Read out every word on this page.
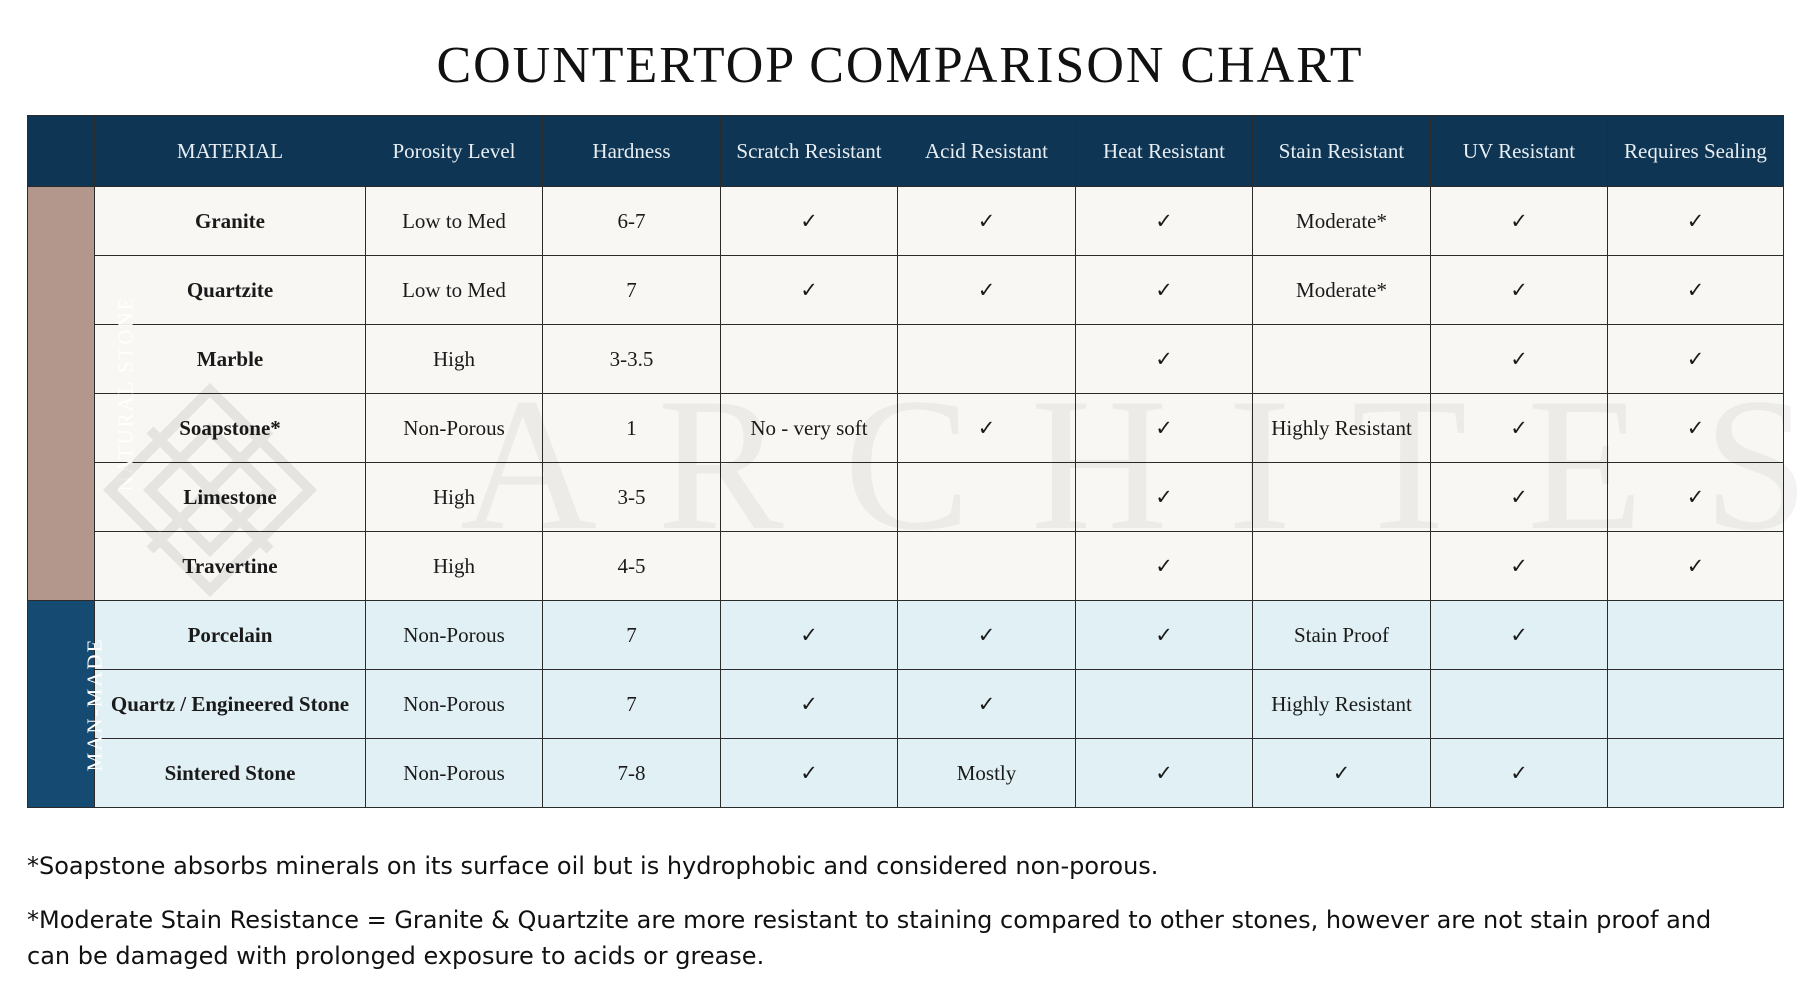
COUNTERTOP COMPARISON CHART
	MATERIAL	Porosity Level	Hardness	Scratch Resistant	Acid Resistant	Heat Resistant	Stain Resistant	UV Resistant	Requires Sealing
NATURAL STONE	Granite	Low to Med	6-7	✓	✓	✓	Moderate*	✓	✓
	Quartzite	Low to Med	7	✓	✓	✓	Moderate*	✓	✓
	Marble	High	3-3.5			✓		✓	✓
	Soapstone*	Non-Porous	1	No - very soft	✓	✓	Highly Resistant	✓	✓
	Limestone	High	3-5			✓		✓	✓
	Travertine	High	4-5			✓		✓	✓
MAN-MADE	Porcelain	Non-Porous	7	✓	✓	✓	Stain Proof	✓	
	Quartz / Engineered Stone	Non-Porous	7	✓	✓		Highly Resistant		
	Sintered Stone	Non-Porous	7-8	✓	Mostly	✓	✓	✓	

*Soapstone absorbs minerals on its surface oil but is hydrophobic and considered non-porous.

*Moderate Stain Resistance = Granite & Quartzite are more resistant to staining compared to other stones, however are not stain proof and can be damaged with prolonged exposure to acids or grease.
